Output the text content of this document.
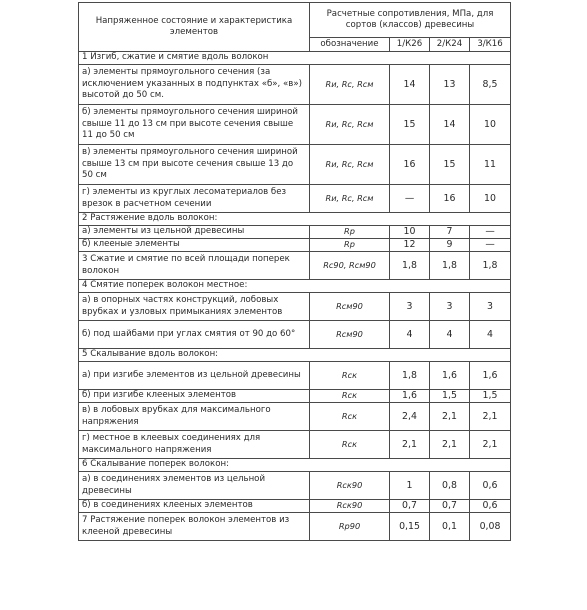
Напряженное состояние и характеристика элементов	Расчетные сопротивления, МПа, для сортов (классов) древесины			
	обозначение	1/К26	2/К24	3/К16
1 Изгиб, сжатие и смятие вдоль волокон				
а) элементы прямоугольного сечения (за исключением указанных в подпунктах «б», «в») высотой до 50 см.	Rи, Rc, Rсм	14	13	8,5
б) элементы прямоугольного сечения шириной свыше 11 до 13 см при высоте сечения свыше 11 до 50 см	Rи, Rc, Rсм	15	14	10
в) элементы прямоугольного сечения шириной свыше 13 см при высоте сечения свыше 13 до 50 см	Rи, Rc, Rсм	16	15	11
г) элементы из круглых лесоматериалов без врезок в расчетном сечении	Rи, Rc, Rсм	—	16	10
2 Растяжение вдоль волокон:				
а) элементы из цельной древесины	Rр	10	7	—
б) клееные элементы	Rр	12	9	—
3 Сжатие и смятие по всей площади поперек волокон	Rс90, Rсм90	1,8	1,8	1,8
4 Смятие поперек волокон местное:				
а) в опорных частях конструкций, лобовых врубках и узловых примыканиях элементов	Rсм90	3	3	3
б) под шайбами при углах смятия от 90 до 60°	Rсм90	4	4	4
5 Скалывание вдоль волокон:				
а) при изгибе элементов из цельной древесины	Rск	1,8	1,6	1,6
б) при изгибе клееных элементов	Rск	1,6	1,5	1,5
в) в лобовых врубках для максимального напряжения	Rск	2,4	2,1	2,1
г) местное в клеевых соединениях для максимального напряжения	Rск	2,1	2,1	2,1
6 Скалывание поперек волокон:				
а) в соединениях элементов из цельной древесины	Rск90	1	0,8	0,6
б) в соединениях клееных элементов	Rск90	0,7	0,7	0,6
7 Растяжение поперек волокон элементов из клееной древесины	Rр90	0,15	0,1	0,08
